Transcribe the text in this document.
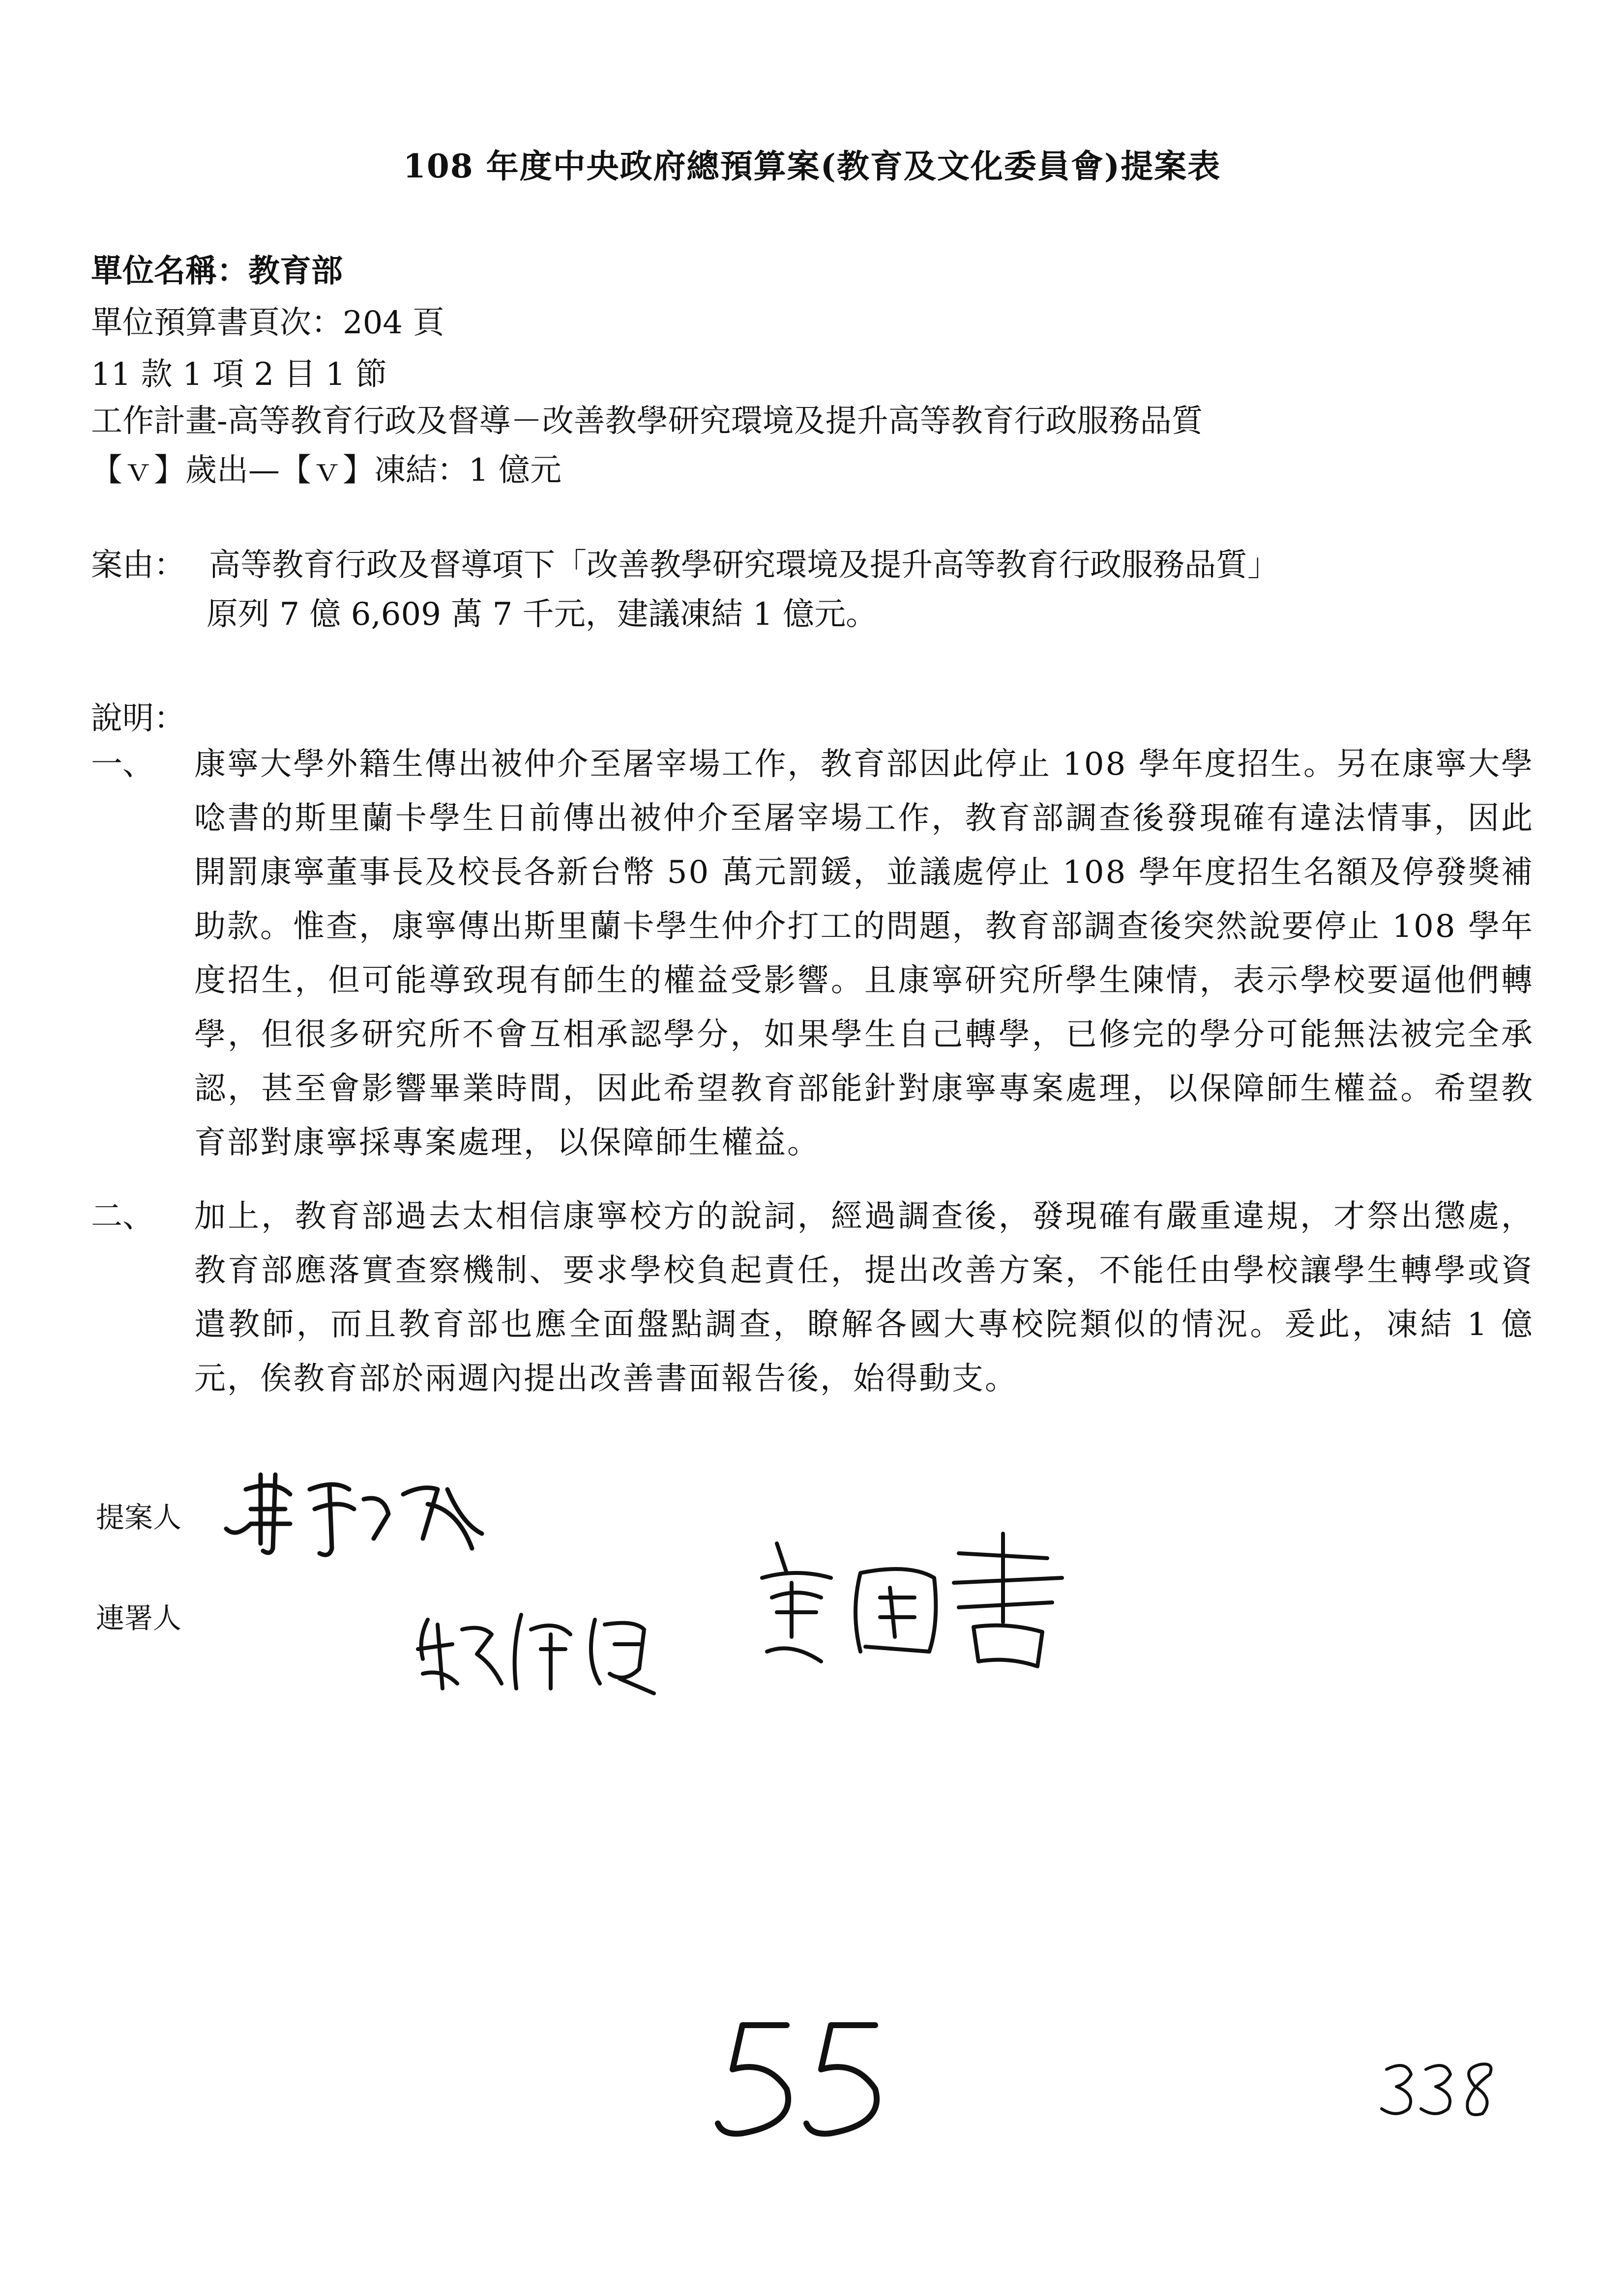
108 年度中央政府總預算案(教育及文化委員會)提案表
單位名稱：教育部
單位預算書頁次：204 頁
11 款 1 項 2 目 1 節
工作計畫-高等教育行政及督導－改善教學研究環境及提升高等教育行政服務品質
【ｖ】歲出—【ｖ】凍結：1 億元
案由： 高等教育行政及督導項下「改善教學研究環境及提升高等教育行政服務品質」
原列 7 億 6,609 萬 7 千元，建議凍結 1 億元。
說明：
一、	康寧大學外籍生傳出被仲介至屠宰場工作，教育部因此停止 108 學年度招生。另在康寧大學唸書的斯里蘭卡學生日前傳出被仲介至屠宰場工作，教育部調查後發現確有違法情事，因此開罰康寧董事長及校長各新台幣 50 萬元罰鍰，並議處停止 108 學年度招生名額及停發獎補助款。惟查，康寧傳出斯里蘭卡學生仲介打工的問題，教育部調查後突然說要停止 108 學年度招生，但可能導致現有師生的權益受影響。且康寧研究所學生陳情，表示學校要逼他們轉學，但很多研究所不會互相承認學分，如果學生自己轉學，已修完的學分可能無法被完全承認，甚至會影響畢業時間，因此希望教育部能針對康寧專案處理，以保障師生權益。希望教育部對康寧採專案處理，以保障師生權益。
二、	加上，教育部過去太相信康寧校方的說詞，經過調查後，發現確有嚴重違規，才祭出懲處，教育部應落實查察機制、要求學校負起責任，提出改善方案，不能任由學校讓學生轉學或資遣教師，而且教育部也應全面盤點調查，瞭解各國大專校院類似的情況。爰此，凍結 1 億元，俟教育部於兩週內提出改善書面報告後，始得動支。
提案人
連署人
